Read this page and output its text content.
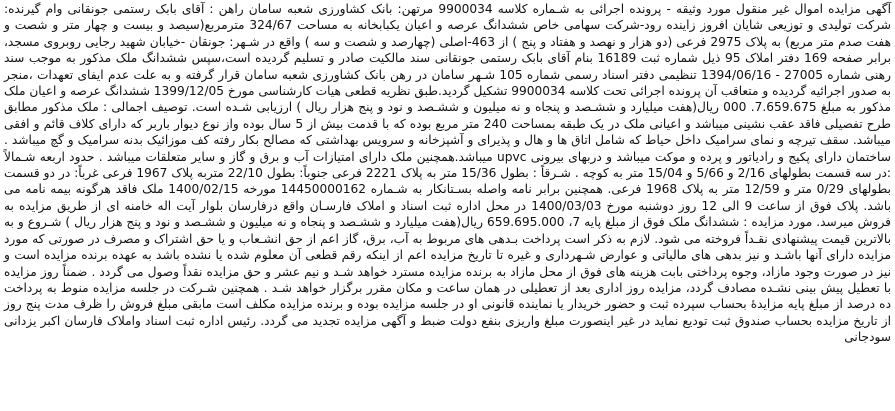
آگهی مزایده اموال غیر منقول مورد وثیقه - پرونده اجرائی به شـماره کلاسه 9900034 مرتهن: بانک کشاورزی شعبه سامان راهن : آقای بابک رستمی جونقانی وام گیرنده: شرکت تولیدی و توزیعی شایان افروز زاینده رود-شرکت سهامی خاص ششدانگ عرصه و اعیان یکبابخانه به مساحت 324/67 مترمربع(سیصد و بیست و چهار متر و شصت و هفت صدم متر مربع) به پلاک 2975 فرعی (دو هزار و نهصد و هفتاد و پنج ) از 463-اصلی (چهارصد و شصت و سه ) واقع در شـهر: جونقان -خیابان شهید رجایی روبروی مسجد، برابر صفحه 169 دفتر املاک 95 ذیل شماره ثبت 16189 بنام آقای بابک رستمی جونقانی سند مالکیت صادر و تسلیم گردیده است،سپس ششدانگ ملک مذکور به موجب سند رهنی شماره 27005 - 1394/06/16 تنظیمی دفتر اسناد رسمی شماره 105 شـهر سامان در رهن بانک کشاورزی شعبه سامان قرار گرفته و به علت عدم ایفای تعهدات ،منجر به صدور اجرائیه گردیده و متعاقب آن پرونده اجرائی تحت کلاسه 9900034 تشکیل گردید.طبق نظریه قطعی هیات کارشناسی مورخ 1399/12/05 ششدانگ عرصه و اعیان ملک مذکور به مبلغ 7.659.675. 000 ریال(هفت میلیارد و ششـصد و پنجاه و نه میلیون و ششـصد و نود و پنج هزار ریال ) ارزیابی شـده است. توصیف اجمالی : ملک مذکور مطابق طرح تفصیلی فاقد عقب نشینی میباشد و اعیانی ملک در یک طبقه بمساحت 240 متر مربع بوده که با قدمت بیش از 5 سال بوده واز نوع دیوار باربر که دارای کلاف قائم و افقی میباشد. سقف تیرچه و نمای سرامیک داخل حیاط که شامل اتاق ها و هال و پذیرای و آشپزخانه و سرویس بهداشتی که مصالح بکار رفته کف موزائیک بدنه سرامیک و گچ میباشد . ساختمان دارای پکیج و رادیاتور و پرده و موکت میباشد و دربهای بیرونی upvc میباشد.همچنین ملک دارای امتیازات آب و برق و گاز و سایر متعلقات میباشد . حدود اربعه شـمالاً :در سه قسمت بطولهای 2/16 و 5/66 و 15/04 متر به کوچه . شـرقاً : بطول 15/36 متر به پلاک 2221 فرعی جنوباً: بطول 22/10 متربه پلاک 1967 فرعی غرباً: در دو قسمت بطولهای 0/29 متر و 12/59 متر به پلاک 1968 فرعی. همچنین برابر نامه واصله بسـتانکار به شـماره 14450000162 مورخه 1400/02/15 ملک فاقد هرگونه بیمه نامه می باشد. پلاک فوق از ساعت 9 الی 12 روز دوشنبه مورخ 1400/03/03 در محل اداره ثبت اسناد و املاک فارسـان واقع درفارسان بلوار آیت اله خامنه ای از طریق مزایده به فروش میرسد. مورد مزایده : ششدانگ ملک فوق از مبلغ پایه 7، 659.695.000 ریال(هفت میلیارد و ششـصد و پنجاه و نه میلیون و ششـصد و نود و پنج هزار ریال ) شـروع و به بالاترین قیمت پیشنهادی نقـداً فروخته می شود. لازم به ذکر است پرداخت بـدهی های مربوط به آب، برق، گاز اعم از حق انشـعاب و یا حق اشتراک و مصرف در صورتی که مورد مزایده دارای آنها باشـد و نیز بدهی های مالیاتی و عوارض شـهرداری و غیره تا تاریخ مزایده اعم از اینکه رقم قطعی آن معلوم شده یا نشده باشد به عهده برنده مزایده است و نیز در صورت وجود مازاد، وجوه پرداختی بابت هزینه های فوق از محل مازاد به برنده مزایده مسترد خواهد شـد و نیم عشر و حق مزایده نقداً وصول می گردد . ضمناً روز مزایده با تعطیل پیش بینی نشـده مصادف گردد، مزایده روز اداری بعد از تعطیلی در همان ساعت و مکان مقرر برگزار خواهد شـد . همچنین شـرکت در جلسه مزایده منوط به پرداخت ده درصد از مبلغ پایه مزایدهٔ بحساب سپرده ثبت و حضور خریدار یا نماینده قانونی او در جلسه مزایده بوده و برنده مزایده مکلف است مابقی مبلغ فروش را ظرف مدت پنج روز از تاریخ مزایده بحساب صندوق ثبت تودیع نماید در غیر اینصورت مبلغ واریزی بنفع دولت ضبط و آگهی مزایده تجدید می گردد. رئیس اداره ثبت اسناد واملاک فارسان اکبر یزدانی سودجانی
